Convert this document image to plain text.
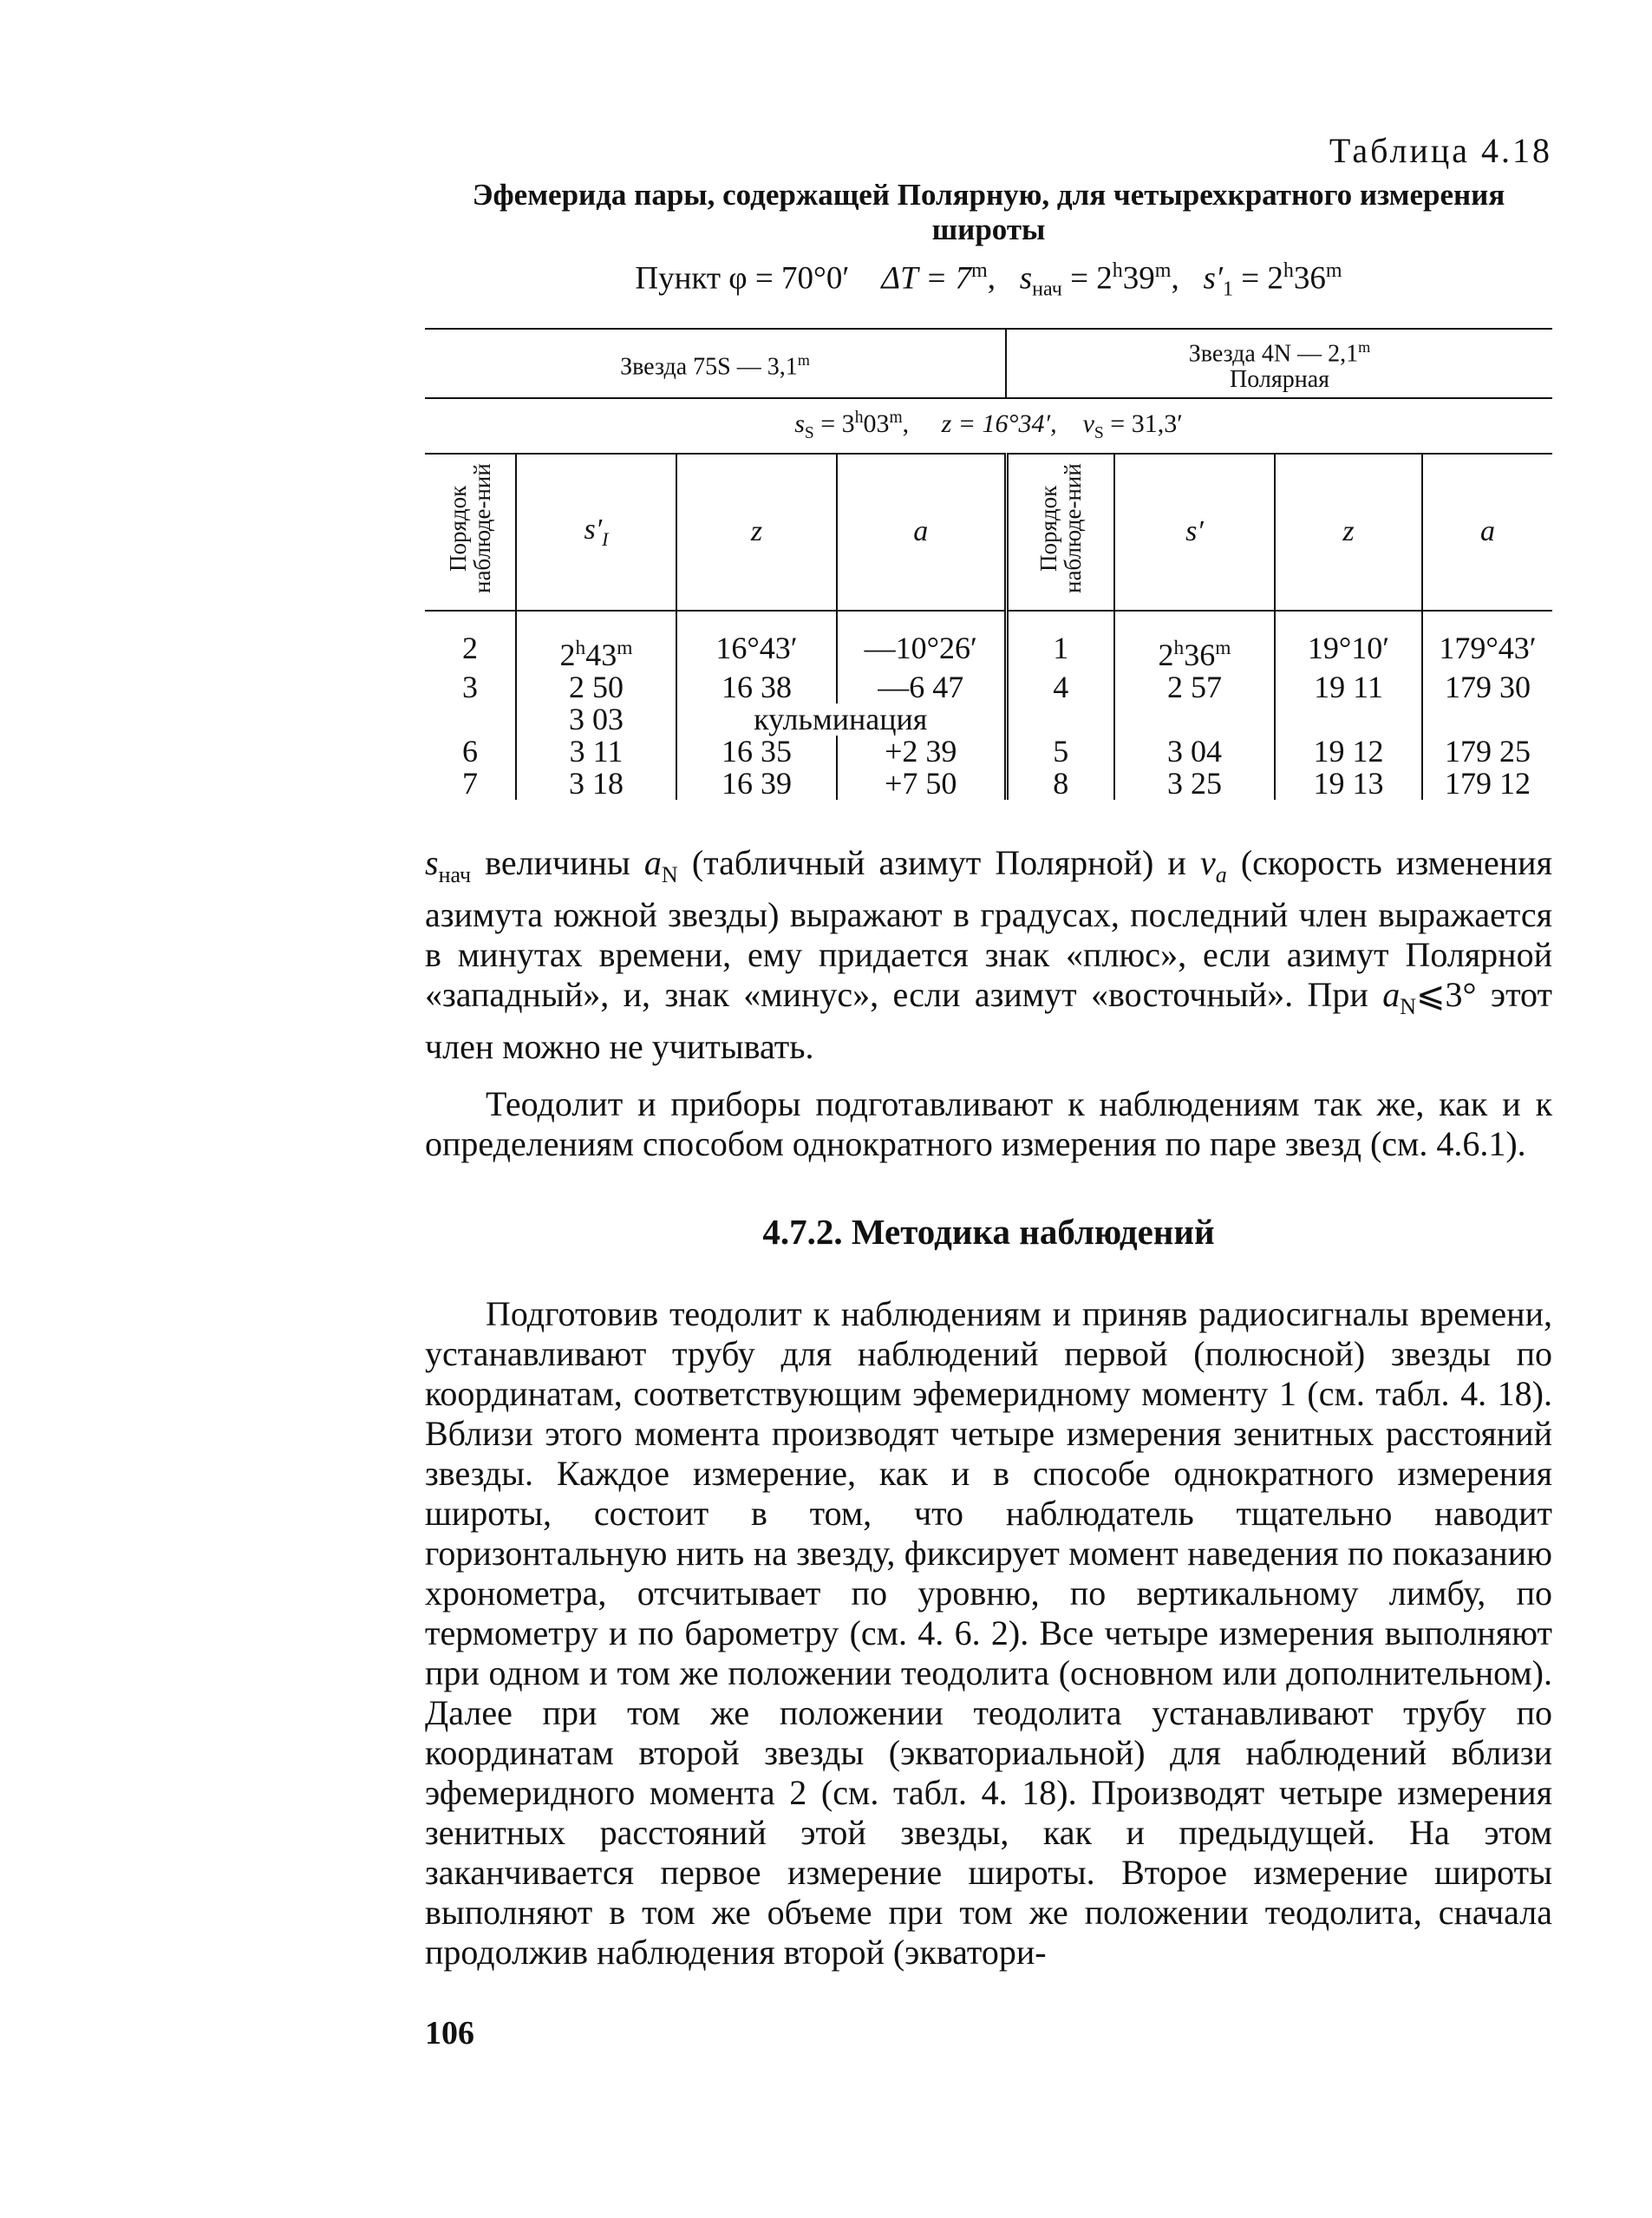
Таблица 4.18

Эфемерида пары, содержащей Полярную, для четырехкратного измерения
широты

Пункт φ = 70°0′ $\Delta T = 7^m$,   $s_{нач} = 2^h39^m$,   $s'_1 = 2^h36^m$
Звезда 75S — 3,1$^m$				Звезда 4N — 2,1$^m$
Полярная			
$s_S = 3^h03^m$,     z = 16°34′, $v_S = 31,3'$							
Порядок наблюде-ний	$s'_I$	z	a	Порядок наблюде-ний	s′	z	a

2	2$^h$43$^m$	16°43′	—10°26′	1	2$^h$36$^m$	19°10′	179°43′
3	2 50	16 38	—6 47	4	2 57	19 11	179 30
	3 03	кульминация					
6	3 11	16 35	+2 39	5	3 04	19 12	179 25
7	3 18	16 39	+7 50	8	3 25	19 13	179 12

$s_{нач}$ величины $a_N$ (табличный азимут Полярной) и $v_a$ (скорость изменения азимута южной звезды) выражают в градусах, последний член выражается в минутах времени, ему придается знак «плюс», если азимут Полярной «западный», и, знак «минус», если азимут «восточный». При $a_N⩽3^\circ$ этот член можно не учитывать.

Теодолит и приборы подготавливают к наблюдениям так же, как и к определениям способом однократного измерения по паре звезд (см. 4.6.1).

4.7.2. Методика наблюдений

Подготовив теодолит к наблюдениям и приняв радиосигналы времени, устанавливают трубу для наблюдений первой (полюсной) звезды по координатам, соответствующим эфемеридному моменту 1 (см. табл. 4. 18). Вблизи этого момента производят четыре измерения зенитных расстояний звезды. Каждое измерение, как и в способе однократного измерения широты, состоит в том, что наблюдатель тщательно наводит горизонтальную нить на звезду, фиксирует момент наведения по показанию хронометра, отсчитывает по уровню, по вертикальному лимбу, по термометру и по барометру (см. 4. 6. 2). Все четыре измерения выполняют при одном и том же положении теодолита (основном или дополнительном). Далее при том же положении теодолита устанавливают трубу по координатам второй звезды (экваториальной) для наблюдений вблизи эфемеридного момента 2 (см. табл. 4. 18). Производят четыре измерения зенитных расстояний этой звезды, как и предыдущей. На этом заканчивается первое измерение широты. Второе измерение широты выполняют в том же объеме при том же положении теодолита, сначала продолжив наблюдения второй (экватори-

106
